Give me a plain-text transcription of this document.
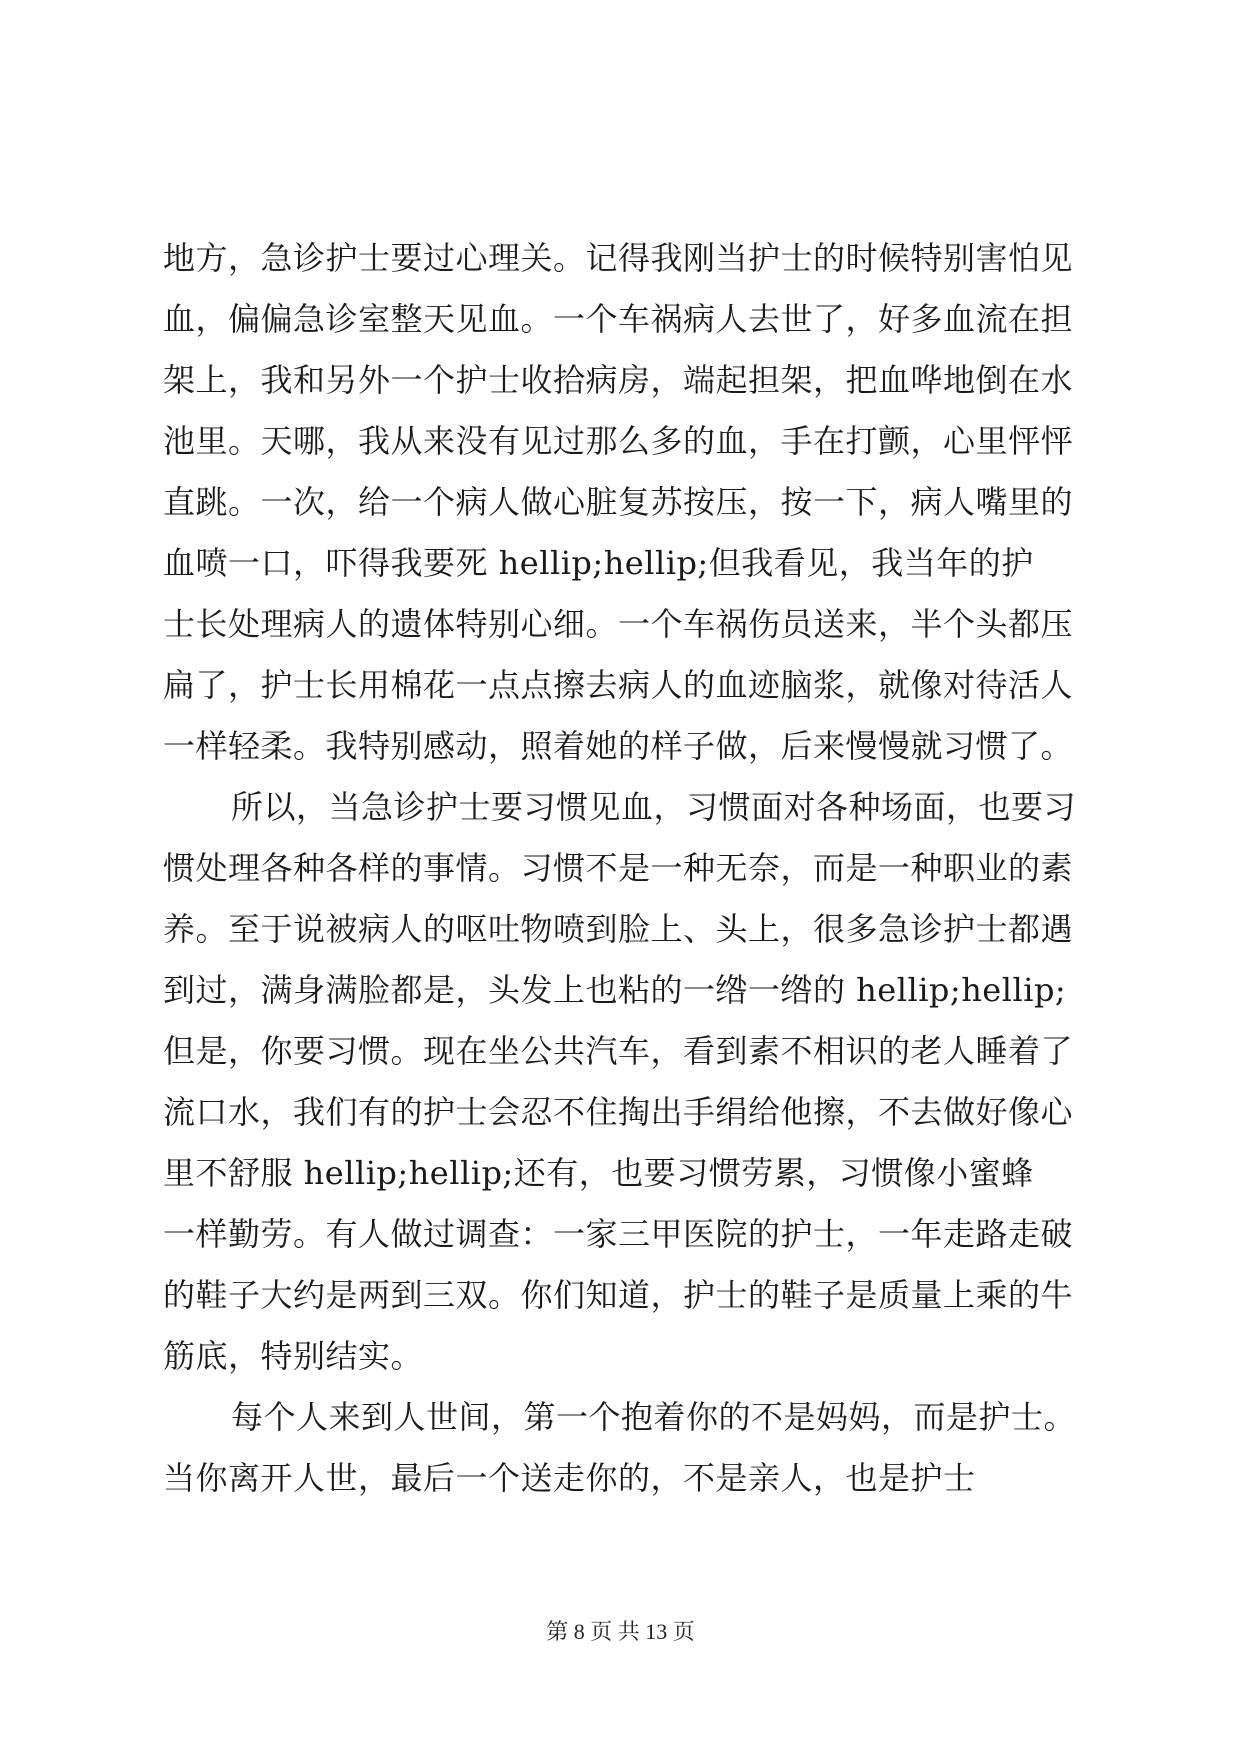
地方，急诊护士要过心理关。记得我刚当护士的时候特别害怕见
血，偏偏急诊室整天见血。一个车祸病人去世了，好多血流在担
架上，我和另外一个护士收拾病房，端起担架，把血哗地倒在水
池里。天哪，我从来没有见过那么多的血，手在打颤，心里怦怦
直跳。一次，给一个病人做心脏复苏按压，按一下，病人嘴里的
血喷一口，吓得我要死 hellip;hellip;但我看见，我当年的护
士长处理病人的遗体特别心细。一个车祸伤员送来，半个头都压
扁了，护士长用棉花一点点擦去病人的血迹脑浆，就像对待活人
一样轻柔。我特别感动，照着她的样子做，后来慢慢就习惯了。
所以，当急诊护士要习惯见血，习惯面对各种场面，也要习
惯处理各种各样的事情。习惯不是一种无奈，而是一种职业的素
养。至于说被病人的呕吐物喷到脸上、头上，很多急诊护士都遇
到过，满身满脸都是，头发上也粘的一绺一绺的 hellip;hellip;
但是，你要习惯。现在坐公共汽车，看到素不相识的老人睡着了
流口水，我们有的护士会忍不住掏出手绢给他擦，不去做好像心
里不舒服 hellip;hellip;还有，也要习惯劳累，习惯像小蜜蜂
一样勤劳。有人做过调查：一家三甲医院的护士，一年走路走破
的鞋子大约是两到三双。你们知道，护士的鞋子是质量上乘的牛
筋底，特别结实。
每个人来到人世间，第一个抱着你的不是妈妈，而是护士。
当你离开人世，最后一个送走你的，不是亲人，也是护士
第 8 页 共 13 页
